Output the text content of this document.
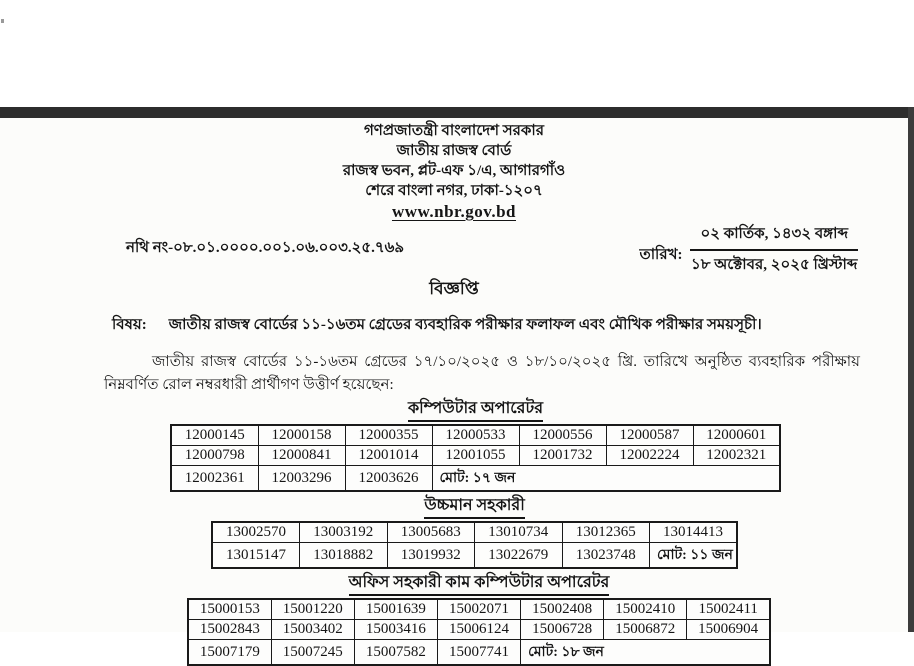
গণপ্রজাতন্ত্রী বাংলাদেশ সরকার
জাতীয় রাজস্ব বোর্ড
রাজস্ব ভবন, প্লট-এফ ১/এ, আগারগাঁও
শেরে বাংলা নগর, ঢাকা-১২০৭
www.nbr.gov.bd
নথি নং-০৮.০১.০০০০.০০১.০৬.০০৩.২৫.৭৬৯	তারিখ: $\frac{\text{০২ কার্তিক, ১৪৩২ বঙ্গাব্দ}}{\text{১৮ অক্টোবর, ২০২৫ খ্রিস্টাব্দ}}$
বিজ্ঞপ্তি
বিষয়: জাতীয় রাজস্ব বোর্ডের ১১-১৬তম গ্রেডের ব্যবহারিক পরীক্ষার ফলাফল এবং মৌখিক পরীক্ষার সময়সূচী।
জাতীয় রাজস্ব বোর্ডের ১১-১৬তম গ্রেডের ১৭/১০/২০২৫ ও ১৮/১০/২০২৫ খ্রি. তারিখে অনুষ্ঠিত ব্যবহারিক পরীক্ষায় নিম্নবর্ণিত রোল নম্বরধারী প্রার্থীগণ উত্তীর্ণ হয়েছেন:
কম্পিউটার অপারেটর
12000145	12000158	12000355	12000533	12000556	12000587	12000601
12000798	12000841	12001014	12001055	12001732	12002224	12002321
12002361	12003296	12003626	মোট: ১৭ জন			
উচ্চমান সহকারী
13002570	13003192	13005683	13010734	13012365	13014413
13015147	13018882	13019932	13022679	13023748	মোট: ১১ জন
অফিস সহকারী কাম কম্পিউটার অপারেটর
15000153	15001220	15001639	15002071	15002408	15002410	15002411
15002843	15003402	15003416	15006124	15006728	15006872	15006904
15007179	15007245	15007582	15007741	মোট: ১৮ জন		
